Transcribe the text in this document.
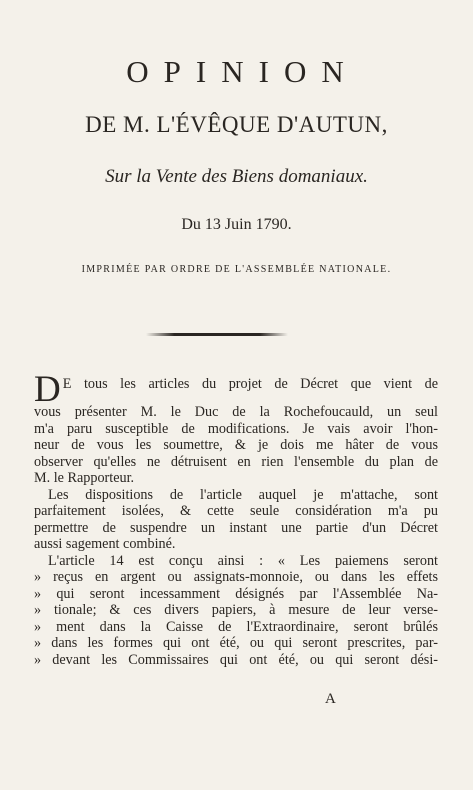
OPINION
DE M. L'ÉVÊQUE D'AUTUN,
Sur la Vente des Biens domaniaux.
Du 13 Juin 1790.
IMPRIMÉE PAR ORDRE DE L'ASSEMBLÉE NATIONALE.
D E tous les articles du projet de Décret que vient de
vous présenter M. le Duc de la Rochefoucauld, un seul
m'a paru susceptible de modifications. Je vais avoir l'hon-
neur de vous les soumettre, & je dois me hâter de vous
observer qu'elles ne détruisent en rien l'ensemble du plan de
M. le Rapporteur.
Les dispositions de l'article auquel je m'attache, sont
parfaitement isolées, & cette seule considération m'a pu
permettre de suspendre un instant une partie d'un Décret
aussi sagement combiné.
L'article 14 est conçu ainsi : « Les paiemens seront
» reçus en argent ou assignats-monnoie, ou dans les effets
» qui seront incessamment désignés par l'Assemblée Na-
» tionale; & ces divers papiers, à mesure de leur verse-
» ment dans la Caisse de l'Extraordinaire, seront brûlés
» dans les formes qui ont été, ou qui seront prescrites, par-
» devant les Commissaires qui ont été, ou qui seront dési-
A
